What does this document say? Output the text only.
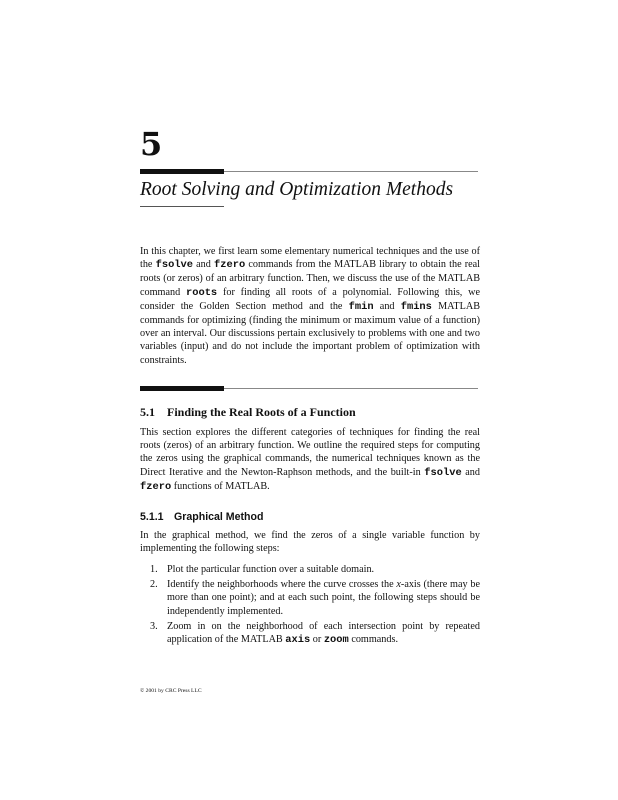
5
Root Solving and Optimization Methods

In this chapter, we first learn some elementary numerical techniques and the use of the fsolve and fzero commands from the MATLAB library to obtain the real roots (or zeros) of an arbitrary function. Then, we discuss the use of the MATLAB command roots for finding all roots of a polynomial. Following this, we consider the Golden Section method and the fmin and fmins MATLAB commands for optimizing (finding the minimum or maximum value of a function) over an interval. Our discussions pertain exclusively to problems with one and two variables (input) and do not include the important problem of optimization with constraints.

5.1 Finding the Real Roots of a Function

This section explores the different categories of techniques for finding the real roots (zeros) of an arbitrary function. We outline the required steps for computing the zeros using the graphical commands, the numerical techniques known as the Direct Iterative and the Newton-Raphson methods, and the built-in fsolve and fzero functions of MATLAB.

5.1.1 Graphical Method

In the graphical method, we find the zeros of a single variable function by implementing the following steps:

1. Plot the particular function over a suitable domain.
2. Identify the neighborhoods where the curve crosses the x-axis (there may be more than one point); and at each such point, the following steps should be independently implemented.
3. Zoom in on the neighborhood of each intersection point by repeated application of the MATLAB axis or zoom commands.
© 2001 by CRC Press LLC
